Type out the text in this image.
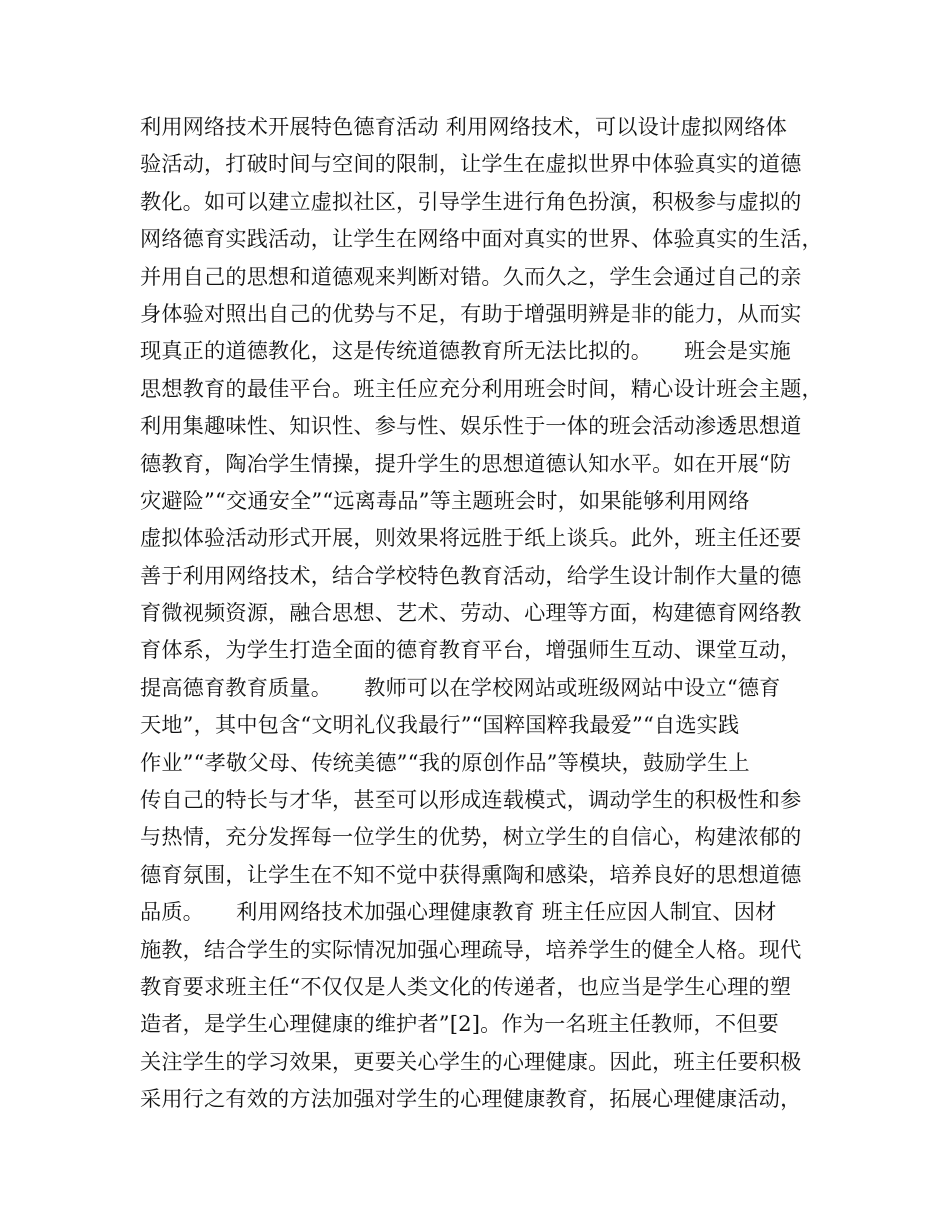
利用网络技术开展特色德育活动 利用网络技术，可以设计虚拟网络体
验活动，打破时间与空间的限制，让学生在虚拟世界中体验真实的道德
教化。如可以建立虚拟社区，引导学生进行角色扮演，积极参与虚拟的
网络德育实践活动，让学生在网络中面对真实的世界、体验真实的生活，
并用自己的思想和道德观来判断对错。久而久之，学生会通过自己的亲
身体验对照出自己的优势与不足，有助于增强明辨是非的能力，从而实
现真正的道德教化，这是传统道德教育所无法比拟的。　　班会是实施
思想教育的最佳平台。班主任应充分利用班会时间，精心设计班会主题，
利用集趣味性、知识性、参与性、娱乐性于一体的班会活动渗透思想道
德教育，陶冶学生情操，提升学生的思想道德认知水平。如在开展“防
灾避险”“交通安全”“远离毒品”等主题班会时，如果能够利用网络
虚拟体验活动形式开展，则效果将远胜于纸上谈兵。此外，班主任还要
善于利用网络技术，结合学校特色教育活动，给学生设计制作大量的德
育微视频资源，融合思想、艺术、劳动、心理等方面，构建德育网络教
育体系，为学生打造全面的德育教育平台，增强师生互动、课堂互动，
提高德育教育质量。　　教师可以在学校网站或班级网站中设立“德育
天地”，其中包含“文明礼仪我最行”“国粹国粹我最爱”“自选实践
作业”“孝敬父母、传统美德”“我的原创作品”等模块，鼓励学生上
传自己的特长与才华，甚至可以形成连载模式，调动学生的积极性和参
与热情，充分发挥每一位学生的优势，树立学生的自信心，构建浓郁的
德育氛围，让学生在不知不觉中获得熏陶和感染，培养良好的思想道德
品质。　　利用网络技术加强心理健康教育 班主任应因人制宜、因材
施教，结合学生的实际情况加强心理疏导，培养学生的健全人格。现代
教育要求班主任“不仅仅是人类文化的传递者，也应当是学生心理的塑
造者，是学生心理健康的维护者”[2]。作为一名班主任教师，不但要
关注学生的学习效果，更要关心学生的心理健康。因此，班主任要积极
采用行之有效的方法加强对学生的心理健康教育，拓展心理健康活动，
